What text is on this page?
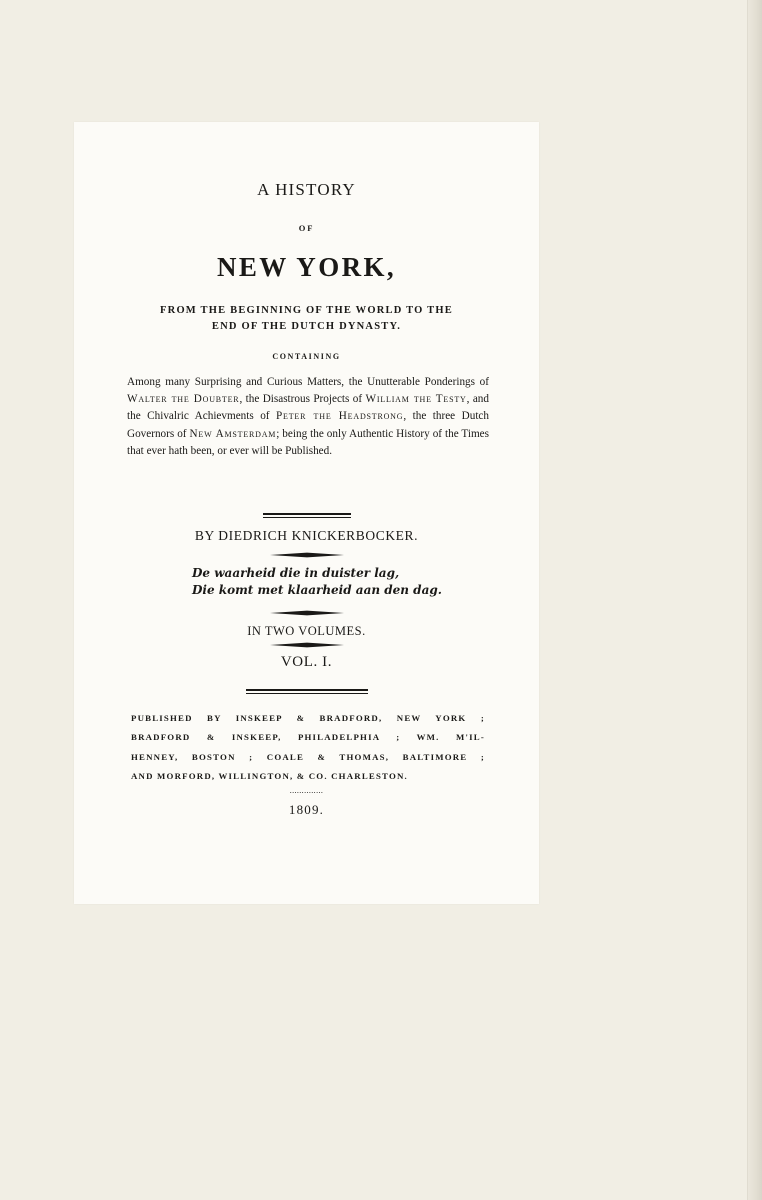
A HISTORY
OF
NEW YORK,
FROM THE BEGINNING OF THE WORLD TO THE
END OF THE DUTCH DYNASTY.
CONTAINING
Among many Surprising and Curious Matters, the Unutterable Ponderings of Walter the Doubter, the Disastrous Projects of William the Testy, and the Chivalric Achievments of Peter the Headstrong, the three Dutch Governors of New Amsterdam; being the only Authentic History of the Times that ever hath been, or ever will be Published.
BY DIEDRICH KNICKERBOCKER.
De waarheid die in duister lag,
Die komt met klaarheid aan den dag.
IN TWO VOLUMES.
VOL. I.
PUBLISHED BY INSKEEP & BRADFORD, NEW YORK ;
BRADFORD & INSKEEP, PHILADELPHIA ; WM. M'IL-
HENNEY, BOSTON ; COALE & THOMAS, BALTIMORE ;
AND MORFORD, WILLINGTON, & CO. CHARLESTON.
..............
1809.
